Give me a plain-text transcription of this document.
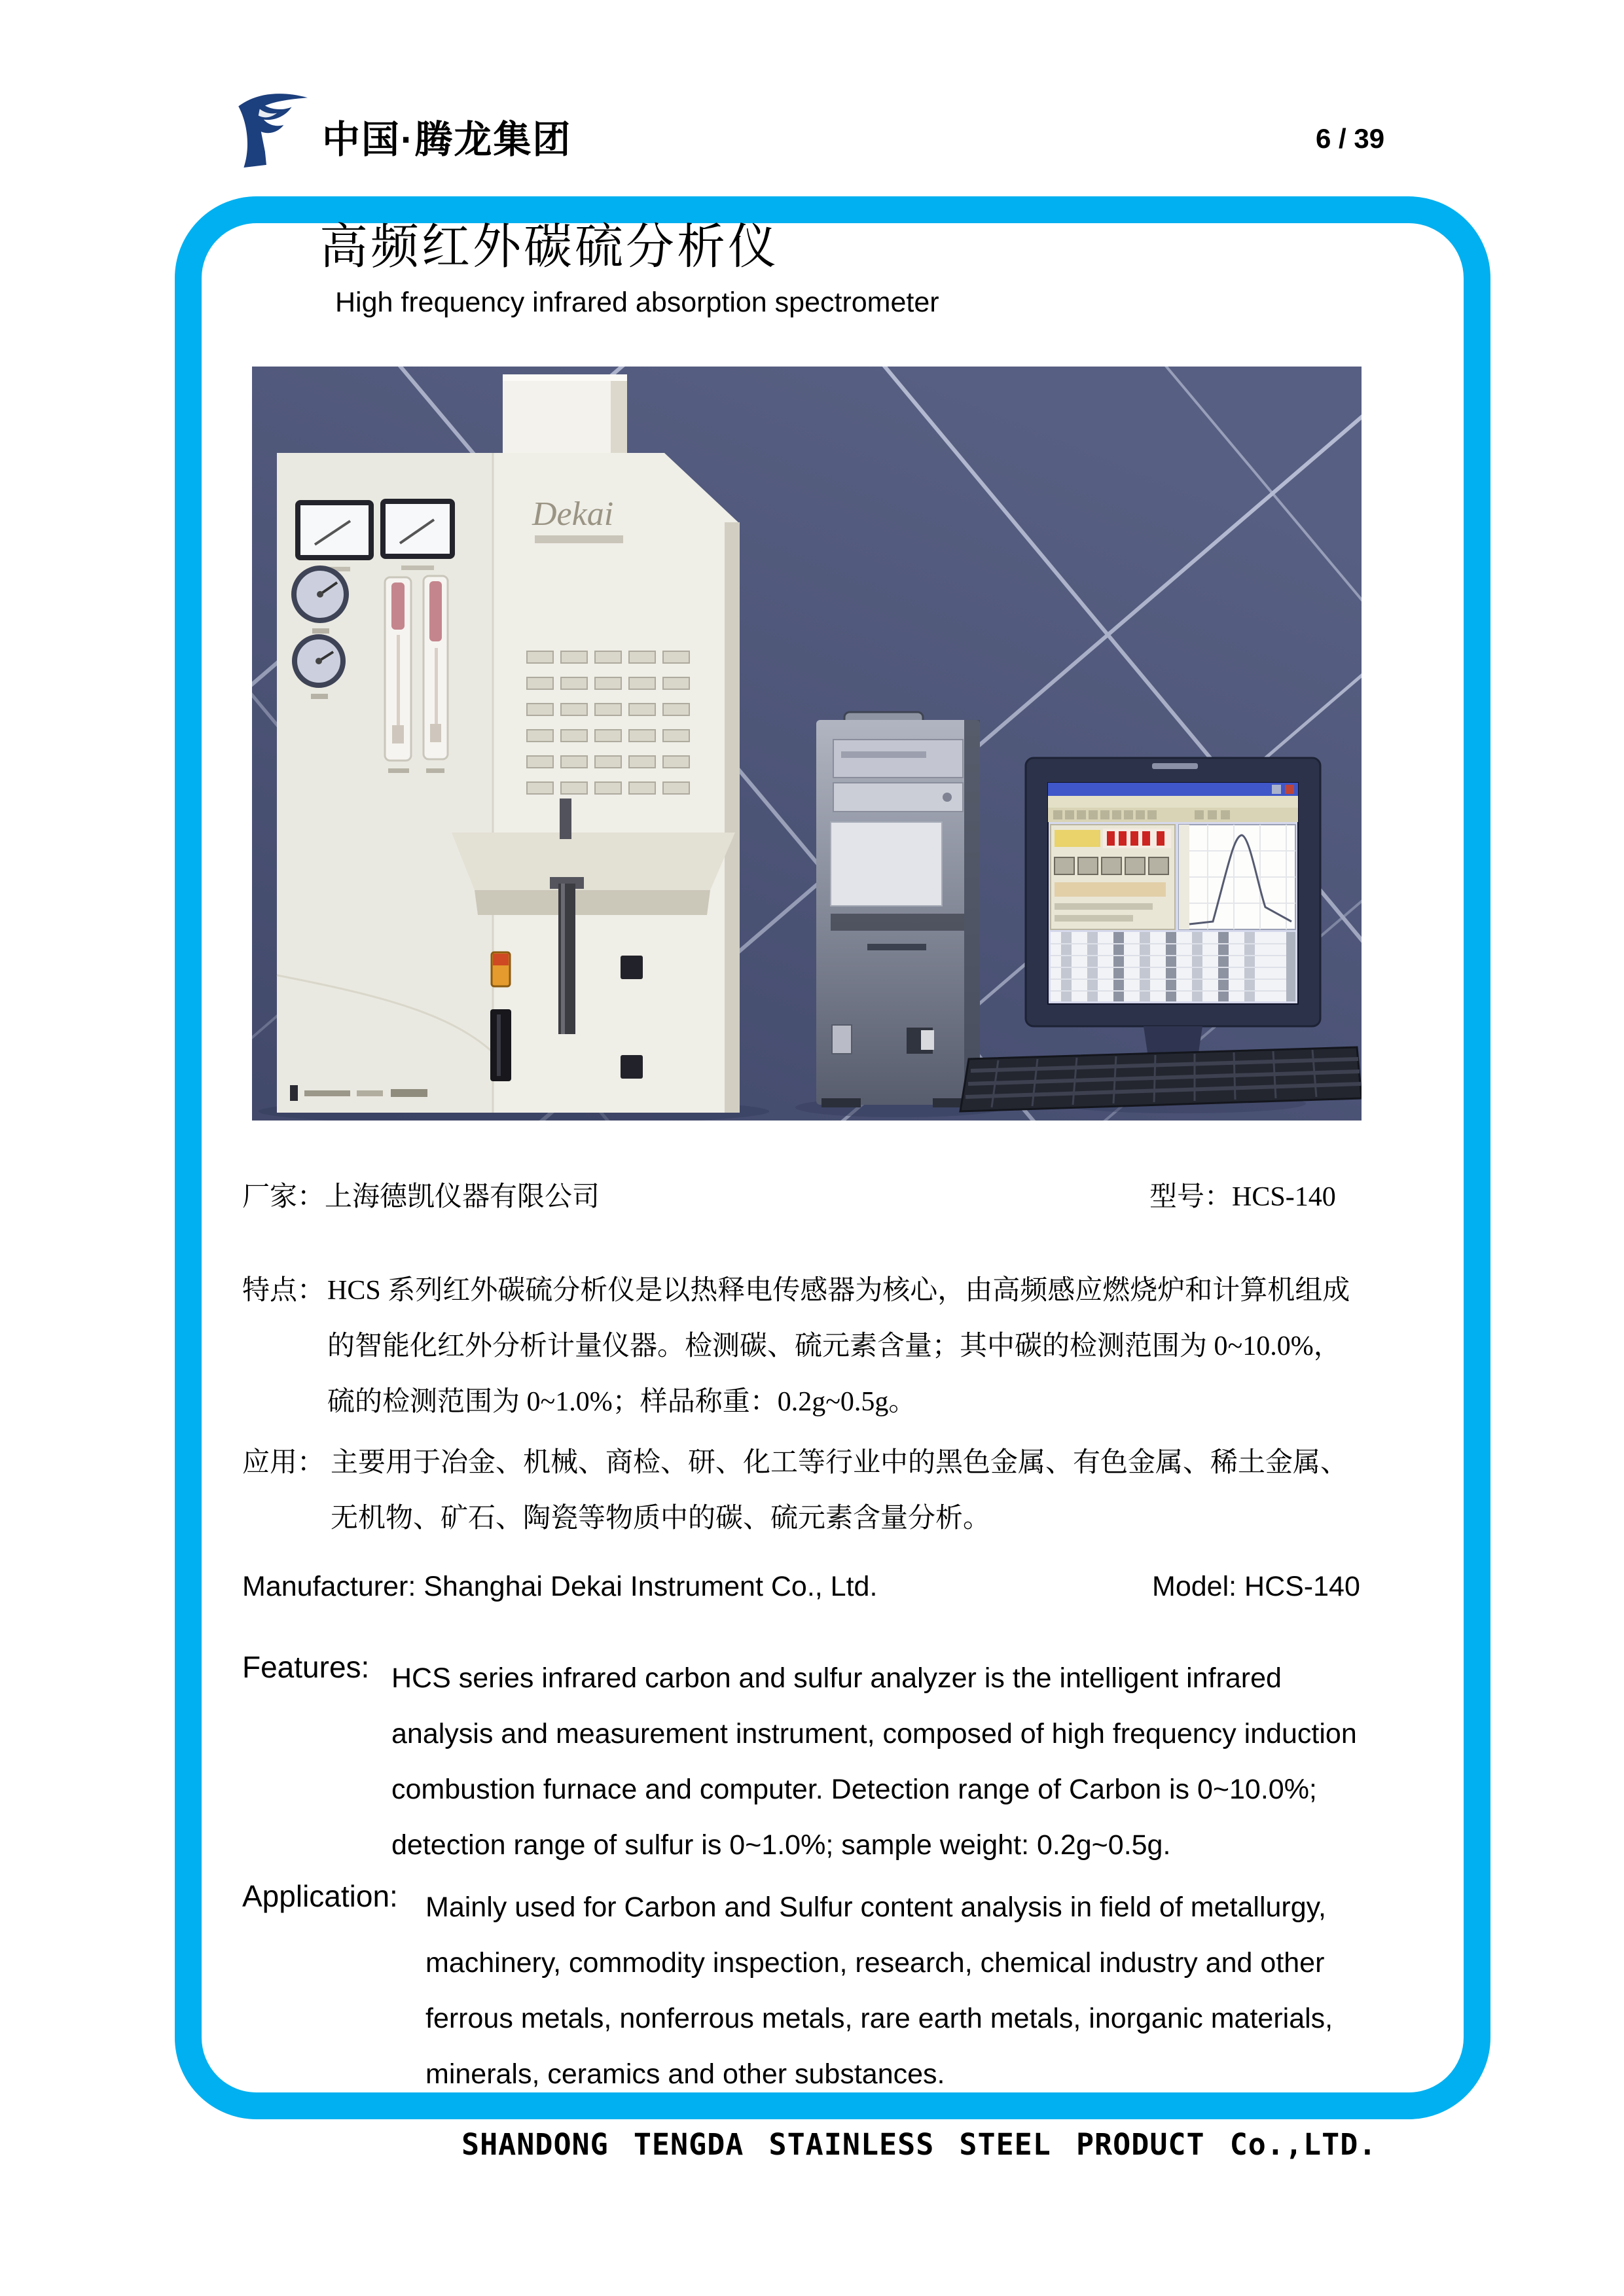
中国·腾龙集团	6 / 39
高频红外碳硫分析仪
High frequency infrared absorption spectrometer
Dekai
厂家：上海德凯仪器有限公司	型号：HCS-140
特点： HCS 系列红外碳硫分析仪是以热释电传感器为核心，由高频感应燃烧炉和计算机组成
的智能化红外分析计量仪器。检测碳、硫元素含量；其中碳的检测范围为 0~10.0%，
硫的检测范围为 0~1.0%；样品称重：0.2g~0.5g。
应用： 主要用于冶金、机械、商检、研、化工等行业中的黑色金属、有色金属、稀土金属、
无机物、矿石、陶瓷等物质中的碳、硫元素含量分析。
Manufacturer: Shanghai Dekai Instrument Co., Ltd.	Model: HCS-140
Features: HCS series infrared carbon and sulfur analyzer is the intelligent infrared
analysis and measurement instrument, composed of high frequency induction
combustion furnace and computer. Detection range of Carbon is 0~10.0%;
detection range of sulfur is 0~1.0%; sample weight: 0.2g~0.5g.
Application: Mainly used for Carbon and Sulfur content analysis in field of metallurgy,
machinery, commodity inspection, research, chemical industry and other
ferrous metals, nonferrous metals, rare earth metals, inorganic materials,
minerals, ceramics and other substances.
SHANDONG TENGDA STAINLESS STEEL PRODUCT Co.,LTD.
